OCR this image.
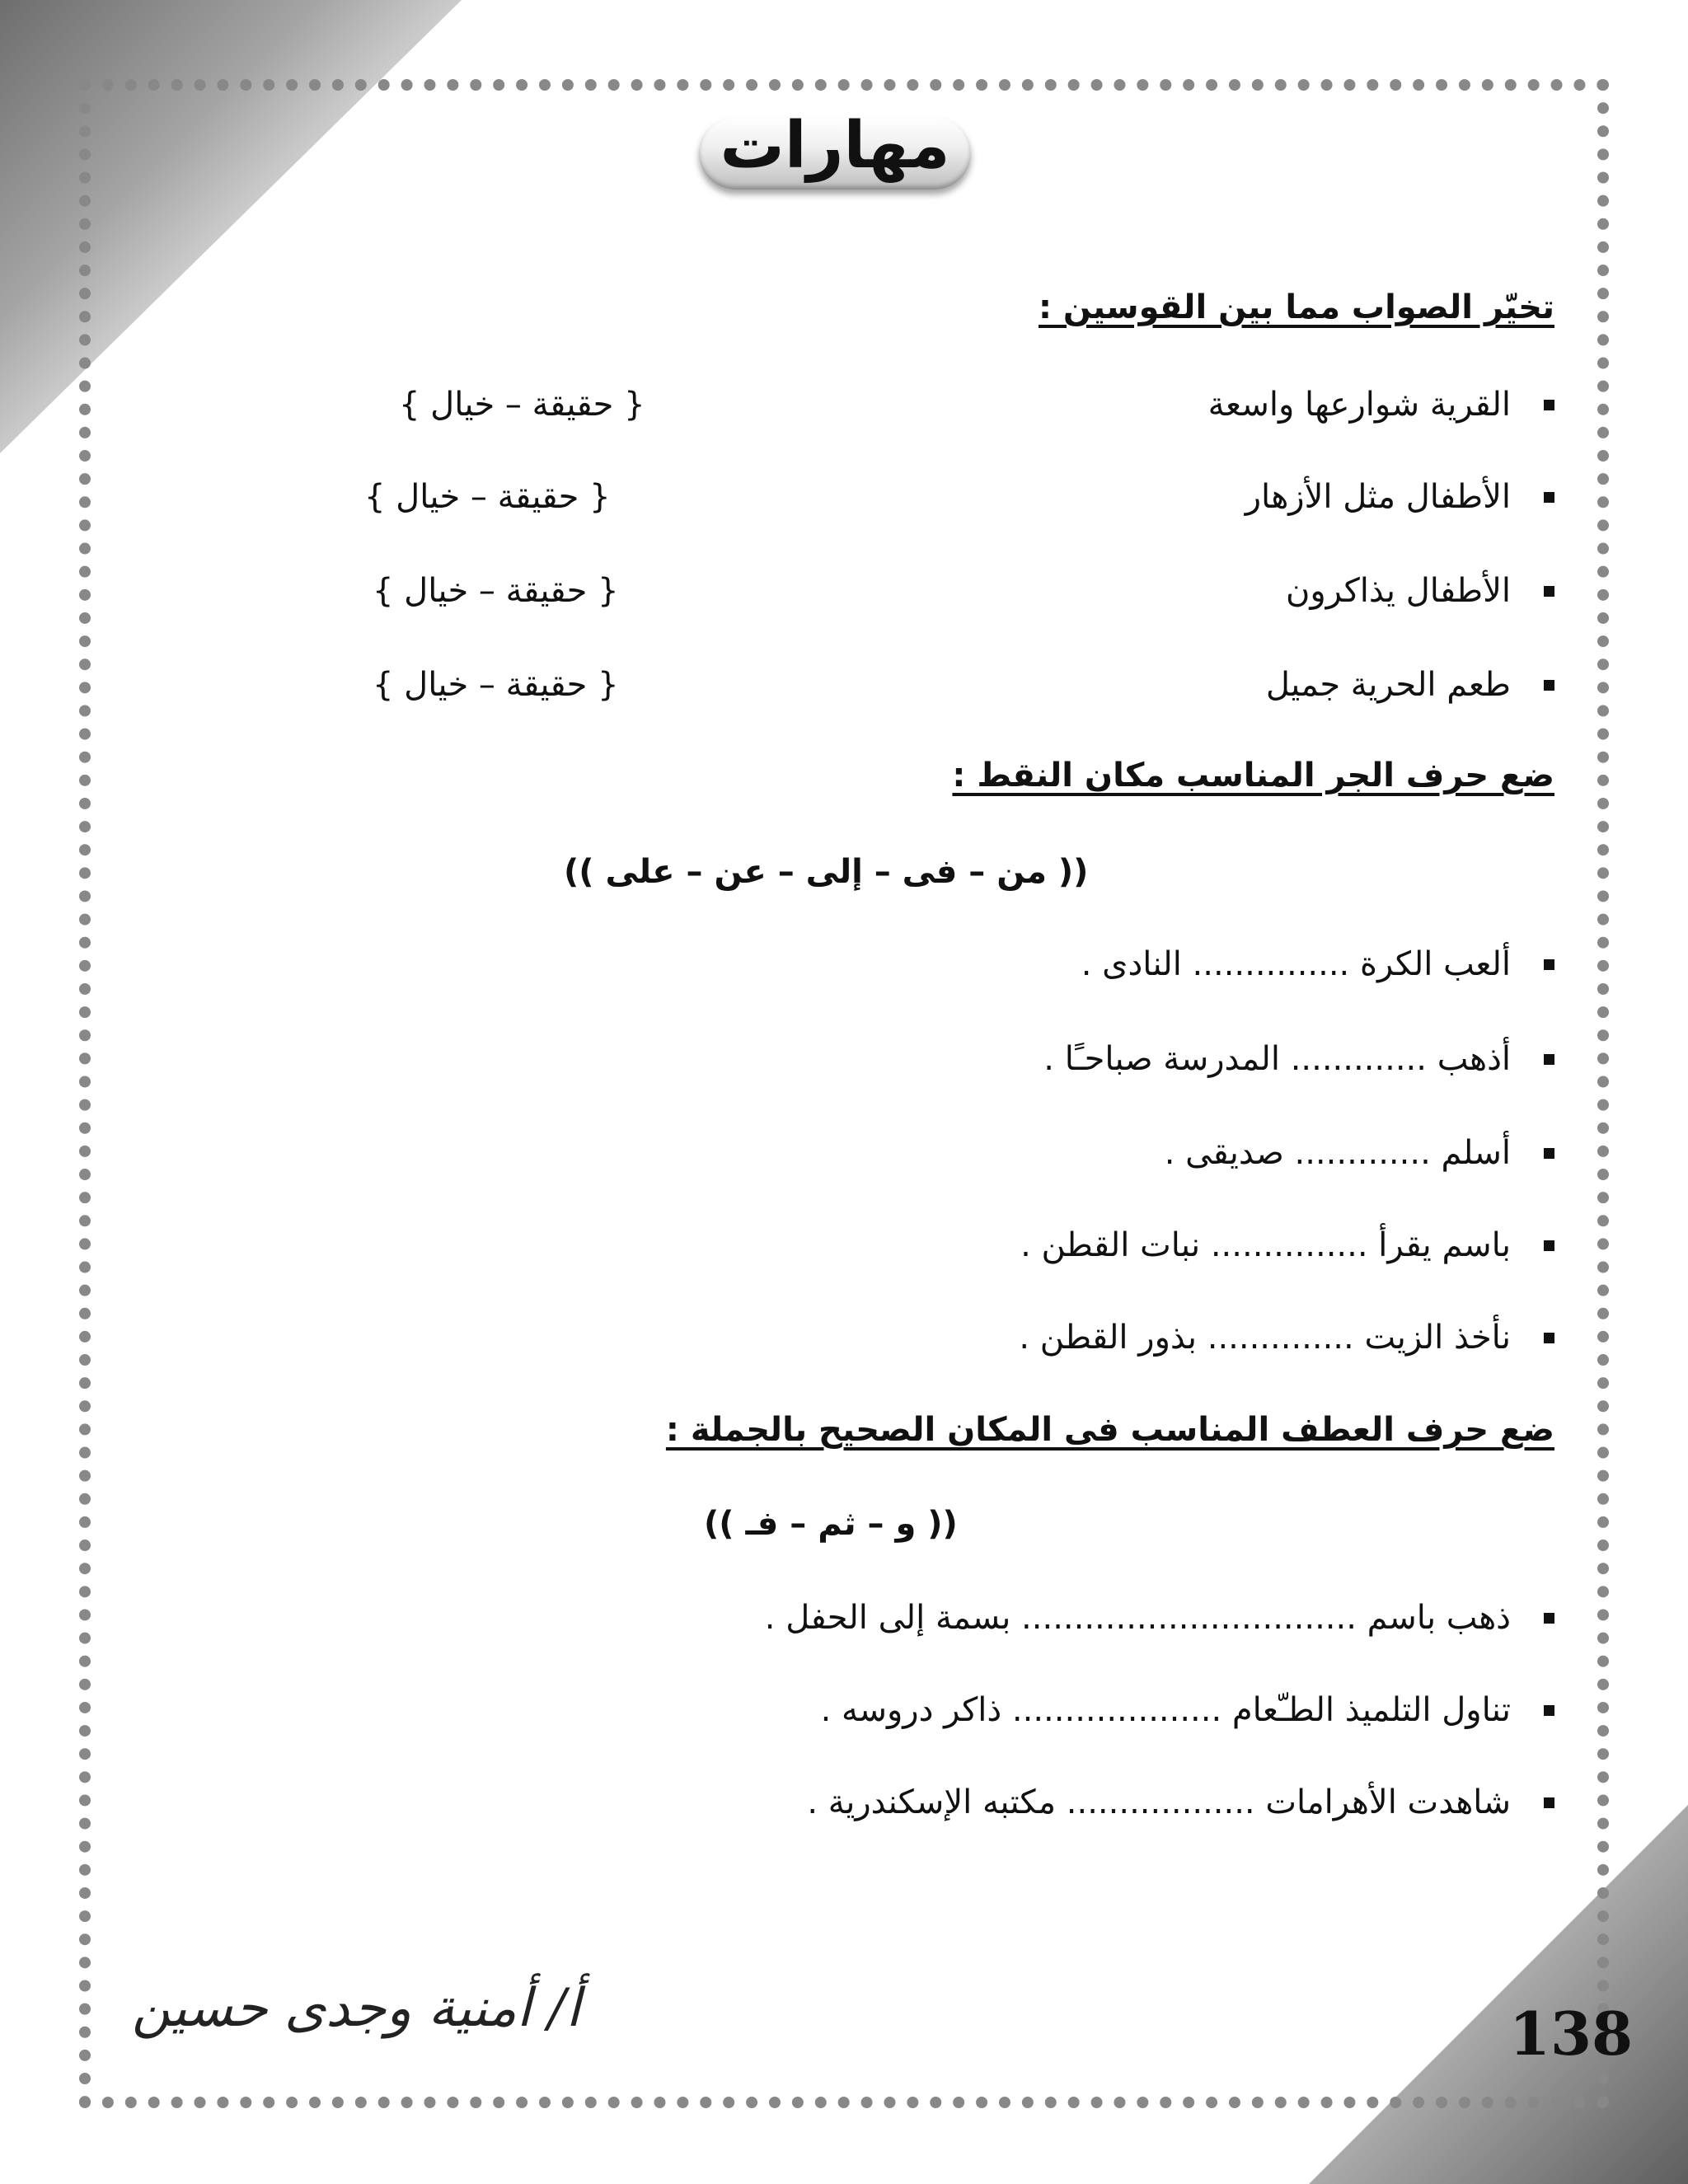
مهارات
تخيّر الصواب مما بين القوسين :
القرية شوارعها واسعة
{ حقيقة – خيال }
الأطفال مثل الأزهار
{ حقيقة – خيال }
الأطفال يذاكرون
{ حقيقة – خيال }
طعم الحرية جميل
{ حقيقة – خيال }
ضع حرف الجر المناسب مكان النقط :
(( من – فى – إلى – عن – على ))
ألعب الكرة ............... النادى .
أذهب ............. المدرسة صباحـًا .
أسلم ............. صديقى .
باسم يقرأ ............... نبات القطن .
نأخذ الزيت .............. بذور القطن .
ضع حرف العطف المناسب فى المكان الصحيح بالجملة :
(( و – ثم – فـ ))
ذهب باسم ................................ بسمة إلى الحفل .
تناول التلميذ الطـّعام .................... ذاكر دروسه .
شاهدت الأهرامات .................. مكتبه الإسكندرية .
أ/ أمنية وجدى حسين	138
